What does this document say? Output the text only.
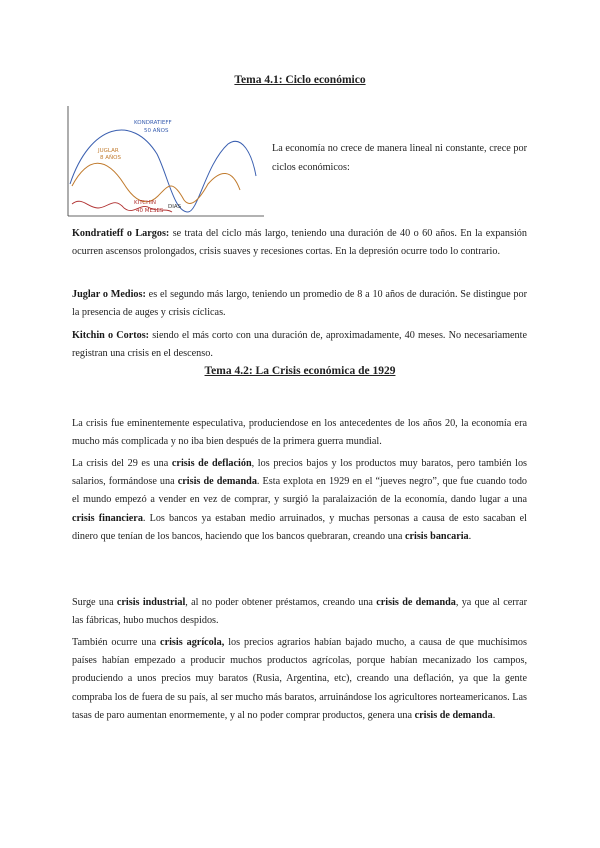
Tema 4.1: Ciclo económico
KONDRATIEFF
50 AÑOS
JUGLAR
8 AÑOS
KITCHIN
40 MESES
DIAS

La economía no crece de manera lineal ni constante, crece por ciclos económicos:

Kondratieff o Largos: se trata del ciclo más largo, teniendo una duración de 40 o 60 años. En la expansión ocurren ascensos prolongados, crisis suaves y recesiones cortas. En la depresión ocurre todo lo contrario.

Juglar o Medios: es el segundo más largo, teniendo un promedio de 8 a 10 años de duración. Se distingue por la presencia de auges y crisis cíclicas.

Kitchin o Cortos: siendo el más corto con una duración de, aproximadamente, 40 meses. No necesariamente registran una crisis en el descenso.

Tema 4.2: La Crisis económica de 1929

La crisis fue eminentemente especulativa, produciendose en los antecedentes de los años 20, la economía era mucho más complicada y no iba bien después de la primera guerra mundial.

La crisis del 29 es una crisis de deflación, los precios bajos y los productos muy baratos, pero también los salarios, formándose una crisis de demanda. Esta explota en 1929 en el “jueves negro”, que fue cuando todo el mundo empezó a vender en vez de comprar, y surgió la paralaización de la economía, dando lugar a una crisis financiera. Los bancos ya estaban medio arruinados, y muchas personas a causa de esto sacaban el dinero que tenían de los bancos, haciendo que los bancos quebraran, creando una crisis bancaria.

Surge una crisis industrial, al no poder obtener préstamos, creando una crisis de demanda, ya que al cerrar las fábricas, hubo muchos despidos.

También ocurre una crisis agrícola, los precios agrarios habían bajado mucho, a causa de que muchísimos países habían empezado a producir muchos productos agrícolas, porque habían mecanizado los campos, produciendo a unos precios muy baratos (Rusia, Argentina, etc), creando una deflación, ya que la gente compraba los de fuera de su país, al ser mucho más baratos, arruinándose los agricultores norteamericanos. Las tasas de paro aumentan enormemente, y al no poder comprar productos, genera una crisis de demanda.
